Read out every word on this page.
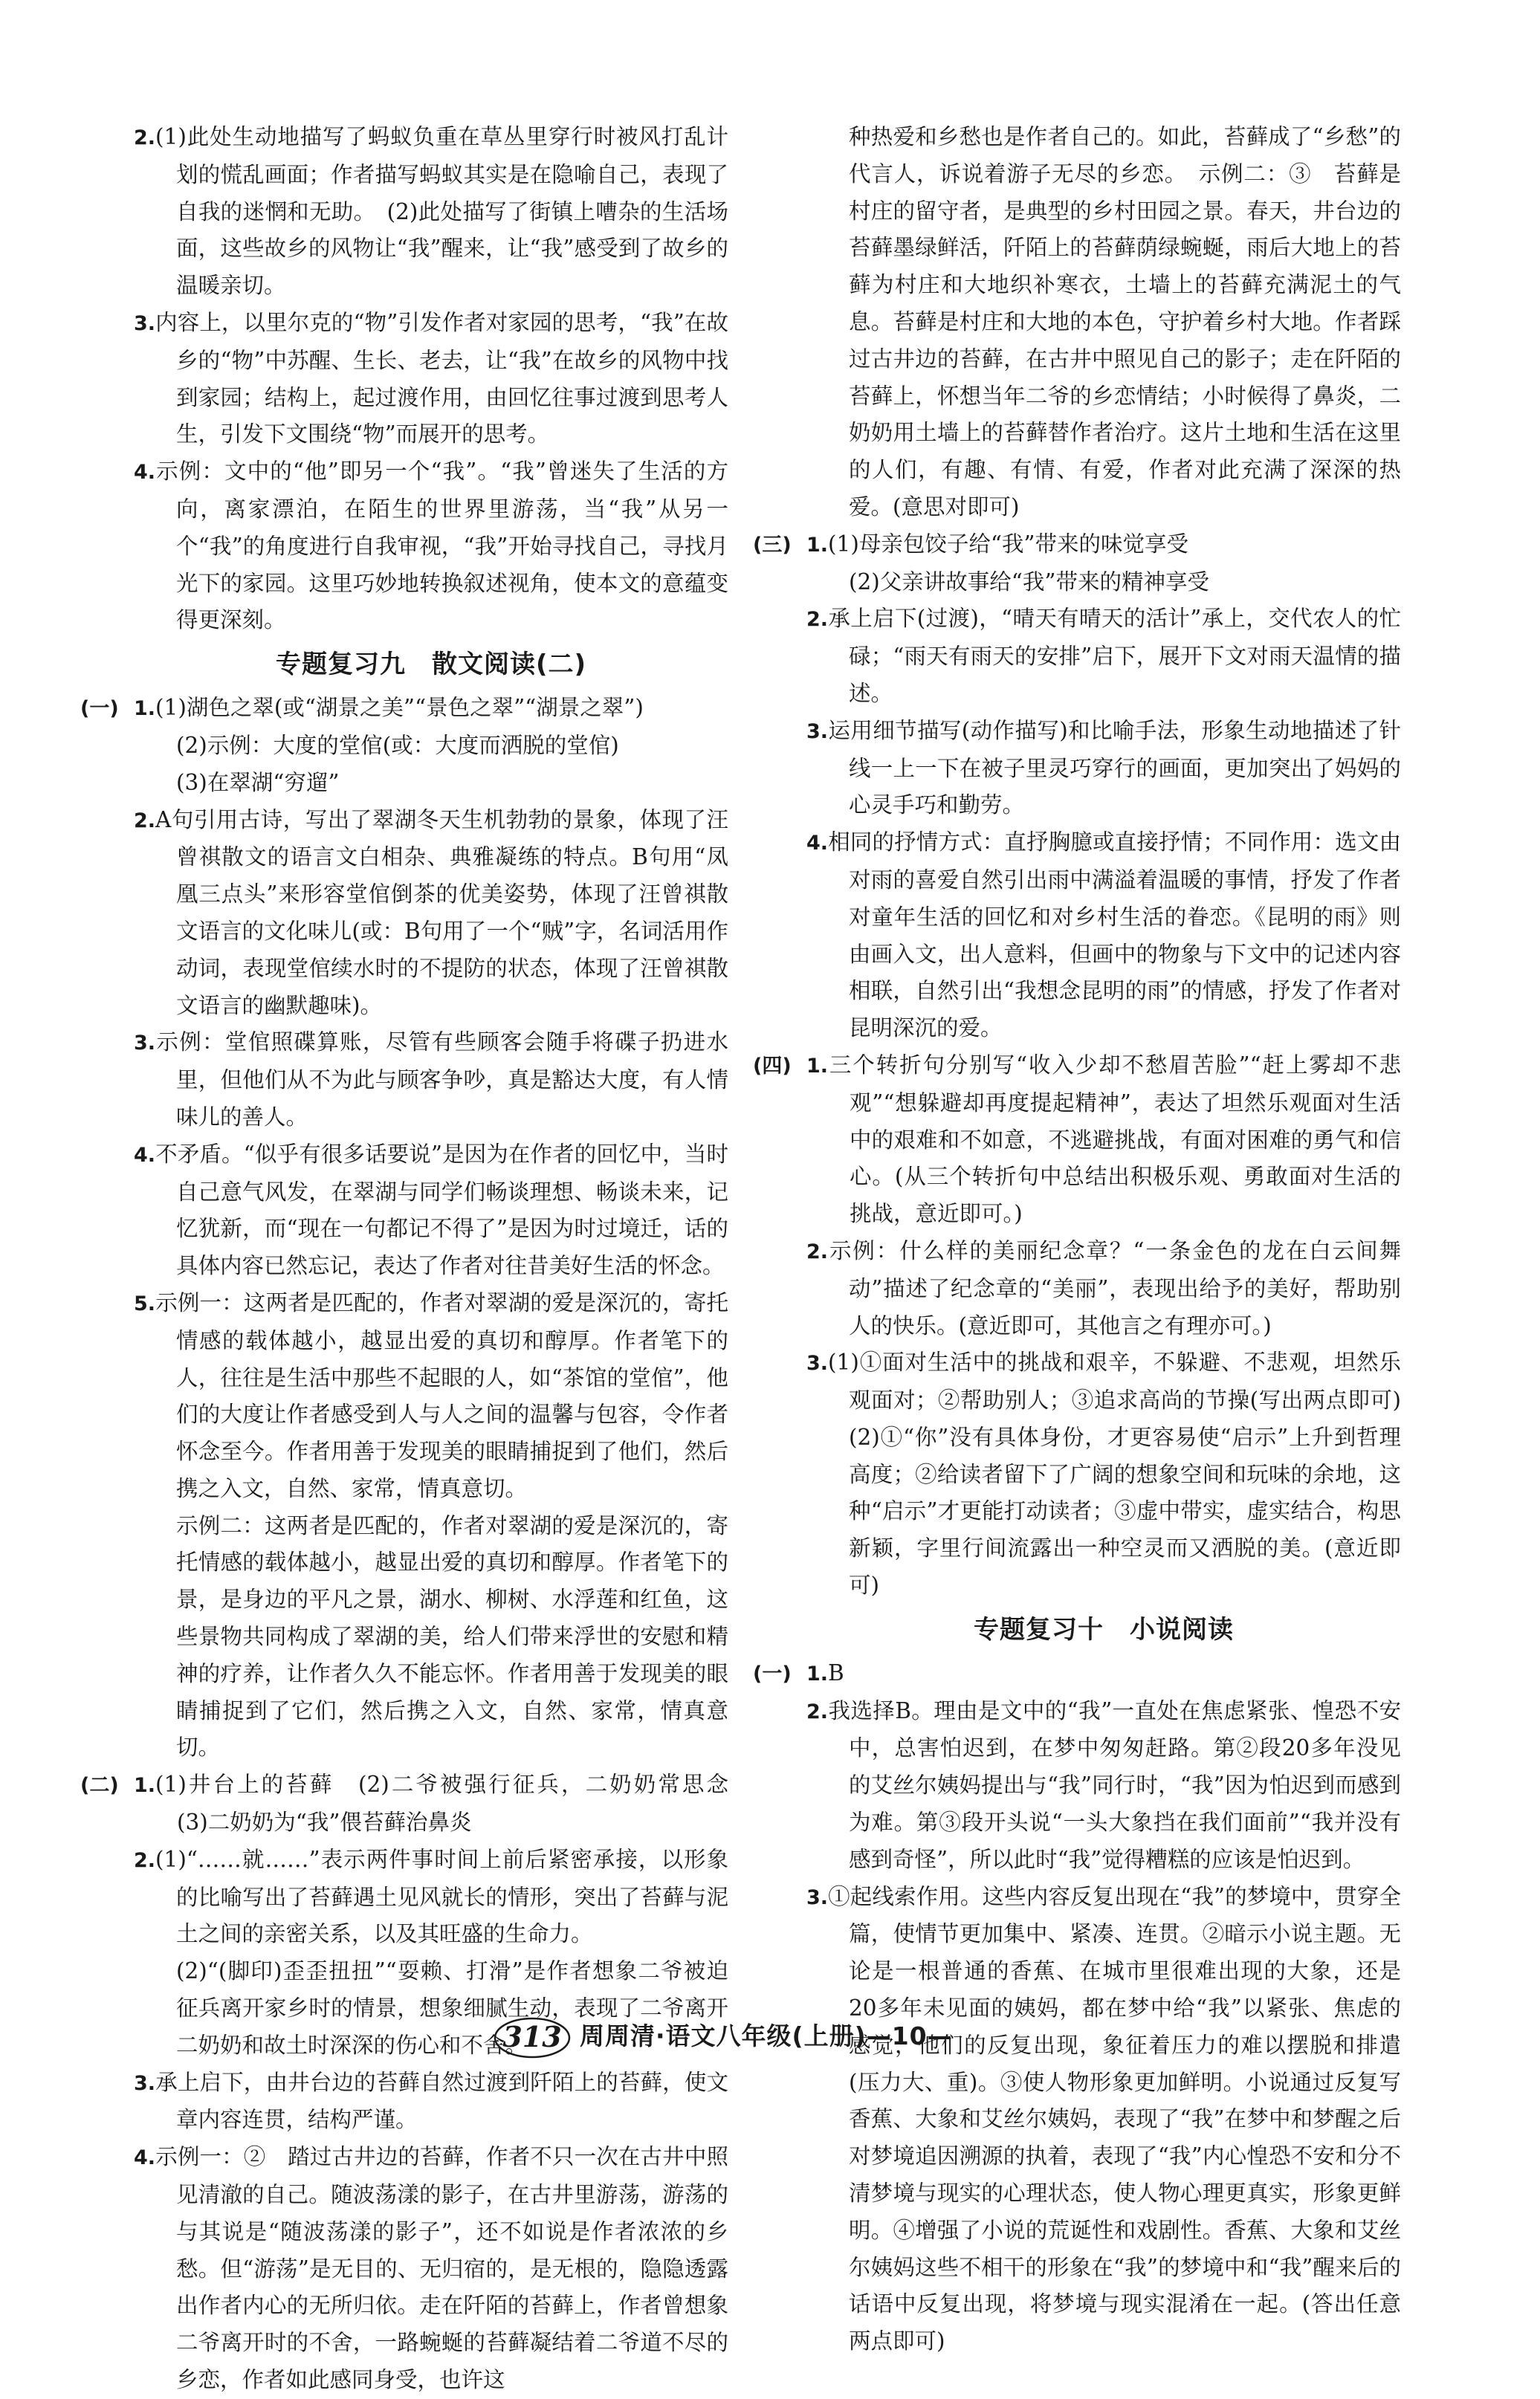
2.(1)此处生动地描写了蚂蚁负重在草丛里穿行时被风打乱计划的慌乱画面；作者描写蚂蚁其实是在隐喻自己，表现了自我的迷惘和无助。　(2)此处描写了街镇上嘈杂的生活场面，这些故乡的风物让“我”醒来，让“我”感受到了故乡的温暖亲切。

3.内容上，以里尔克的“物”引发作者对家园的思考，“我”在故乡的“物”中苏醒、生长、老去，让“我”在故乡的风物中找到家园；结构上，起过渡作用，由回忆往事过渡到思考人生，引发下文围绕“物”而展开的思考。

4.示例：文中的“他”即另一个“我”。“我”曾迷失了生活的方向，离家漂泊，在陌生的世界里游荡，当“我”从另一个“我”的角度进行自我审视，“我”开始寻找自己，寻找月光下的家园。这里巧妙地转换叙述视角，使本文的意蕴变得更深刻。

专题复习九　散文阅读(二)

(一) 1.(1)湖色之翠(或“湖景之美”“景色之翠”“湖景之翠”)

(2)示例：大度的堂倌(或：大度而洒脱的堂倌)

(3)在翠湖“穷遛”

2.A句引用古诗，写出了翠湖冬天生机勃勃的景象，体现了汪曾祺散文的语言文白相杂、典雅凝练的特点。B句用“凤凰三点头”来形容堂倌倒茶的优美姿势，体现了汪曾祺散文语言的文化味儿(或：B句用了一个“贼”字，名词活用作动词，表现堂倌续水时的不提防的状态，体现了汪曾祺散文语言的幽默趣味)。

3.示例：堂倌照碟算账，尽管有些顾客会随手将碟子扔进水里，但他们从不为此与顾客争吵，真是豁达大度，有人情味儿的善人。

4.不矛盾。“似乎有很多话要说”是因为在作者的回忆中，当时自己意气风发，在翠湖与同学们畅谈理想、畅谈未来，记忆犹新，而“现在一句都记不得了”是因为时过境迁，话的具体内容已然忘记，表达了作者对往昔美好生活的怀念。

5.示例一：这两者是匹配的，作者对翠湖的爱是深沉的，寄托情感的载体越小，越显出爱的真切和醇厚。作者笔下的人，往往是生活中那些不起眼的人，如“茶馆的堂倌”，他们的大度让作者感受到人与人之间的温馨与包容，令作者怀念至今。作者用善于发现美的眼睛捕捉到了他们，然后携之入文，自然、家常，情真意切。

示例二：这两者是匹配的，作者对翠湖的爱是深沉的，寄托情感的载体越小，越显出爱的真切和醇厚。作者笔下的景，是身边的平凡之景，湖水、柳树、水浮莲和红鱼，这些景物共同构成了翠湖的美，给人们带来浮世的安慰和精神的疗养，让作者久久不能忘怀。作者用善于发现美的眼睛捕捉到了它们，然后携之入文，自然、家常，情真意切。

(二) 1.(1)井台上的苔藓　(2)二爷被强行征兵，二奶奶常思念　(3)二奶奶为“我”偎苔藓治鼻炎

2.(1)“……就……”表示两件事时间上前后紧密承接，以形象的比喻写出了苔藓遇土见风就长的情形，突出了苔藓与泥土之间的亲密关系，以及其旺盛的生命力。

(2)“(脚印)歪歪扭扭”“耍赖、打滑”是作者想象二爷被迫征兵离开家乡时的情景，想象细腻生动，表现了二爷离开二奶奶和故土时深深的伤心和不舍。

3.承上启下，由井台边的苔藓自然过渡到阡陌上的苔藓，使文章内容连贯，结构严谨。

4.示例一：②　踏过古井边的苔藓，作者不只一次在古井中照见清澈的自己。随波荡漾的影子，在古井里游荡，游荡的与其说是“随波荡漾的影子”，还不如说是作者浓浓的乡愁。但“游荡”是无目的、无归宿的，是无根的，隐隐透露出作者内心的无所归依。走在阡陌的苔藓上，作者曾想象二爷离开时的不舍，一路蜿蜒的苔藓凝结着二爷道不尽的乡恋，作者如此感同身受，也许这

种热爱和乡愁也是作者自己的。如此，苔藓成了“乡愁”的代言人，诉说着游子无尽的乡恋。　示例二：③　苔藓是村庄的留守者，是典型的乡村田园之景。春天，井台边的苔藓墨绿鲜活，阡陌上的苔藓荫绿蜿蜒，雨后大地上的苔藓为村庄和大地织补寒衣，土墙上的苔藓充满泥土的气息。苔藓是村庄和大地的本色，守护着乡村大地。作者踩过古井边的苔藓，在古井中照见自己的影子；走在阡陌的苔藓上，怀想当年二爷的乡恋情结；小时候得了鼻炎，二奶奶用土墙上的苔藓替作者治疗。这片土地和生活在这里的人们，有趣、有情、有爱，作者对此充满了深深的热爱。(意思对即可)

(三) 1.(1)母亲包饺子给“我”带来的味觉享受

(2)父亲讲故事给“我”带来的精神享受

2.承上启下(过渡)，“晴天有晴天的活计”承上，交代农人的忙碌；“雨天有雨天的安排”启下，展开下文对雨天温情的描述。

3.运用细节描写(动作描写)和比喻手法，形象生动地描述了针线一上一下在被子里灵巧穿行的画面，更加突出了妈妈的心灵手巧和勤劳。

4.相同的抒情方式：直抒胸臆或直接抒情；不同作用：选文由对雨的喜爱自然引出雨中满溢着温暖的事情，抒发了作者对童年生活的回忆和对乡村生活的眷恋。《昆明的雨》则由画入文，出人意料，但画中的物象与下文中的记述内容相联，自然引出“我想念昆明的雨”的情感，抒发了作者对昆明深沉的爱。

(四) 1.三个转折句分别写“收入少却不愁眉苦脸”“赶上雾却不悲观”“想躲避却再度提起精神”，表达了坦然乐观面对生活中的艰难和不如意，不逃避挑战，有面对困难的勇气和信心。(从三个转折句中总结出积极乐观、勇敢面对生活的挑战，意近即可。)

2.示例：什么样的美丽纪念章？“一条金色的龙在白云间舞动”描述了纪念章的“美丽”，表现出给予的美好，帮助别人的快乐。(意近即可，其他言之有理亦可。)

3.(1)①面对生活中的挑战和艰辛，不躲避、不悲观，坦然乐观面对；②帮助别人；③追求高尚的节操(写出两点即可)　(2)①“你”没有具体身份，才更容易使“启示”上升到哲理高度；②给读者留下了广阔的想象空间和玩味的余地，这种“启示”才更能打动读者；③虚中带实，虚实结合，构思新颖，字里行间流露出一种空灵而又洒脱的美。(意近即可)

专题复习十　小说阅读

(一) 1.B

2.我选择B。理由是文中的“我”一直处在焦虑紧张、惶恐不安中，总害怕迟到，在梦中匆匆赶路。第②段20多年没见的艾丝尔姨妈提出与“我”同行时，“我”因为怕迟到而感到为难。第③段开头说“一头大象挡在我们面前”“我并没有感到奇怪”，所以此时“我”觉得糟糕的应该是怕迟到。

3.①起线索作用。这些内容反复出现在“我”的梦境中，贯穿全篇，使情节更加集中、紧凑、连贯。②暗示小说主题。无论是一根普通的香蕉、在城市里很难出现的大象，还是20多年未见面的姨妈，都在梦中给“我”以紧张、焦虑的感觉，他们的反复出现，象征着压力的难以摆脱和排遣(压力大、重)。③使人物形象更加鲜明。小说通过反复写香蕉、大象和艾丝尔姨妈，表现了“我”在梦中和梦醒之后对梦境追因溯源的执着，表现了“我”内心惶恐不安和分不清梦境与现实的心理状态，使人物心理更真实，形象更鲜明。④增强了小说的荒诞性和戏剧性。香蕉、大象和艾丝尔姨妈这些不相干的形象在“我”的梦境中和“我”醒来后的话语中反复出现，将梦境与现实混淆在一起。(答出任意两点即可)

313 周周清·语文八年级(上册)—10—
